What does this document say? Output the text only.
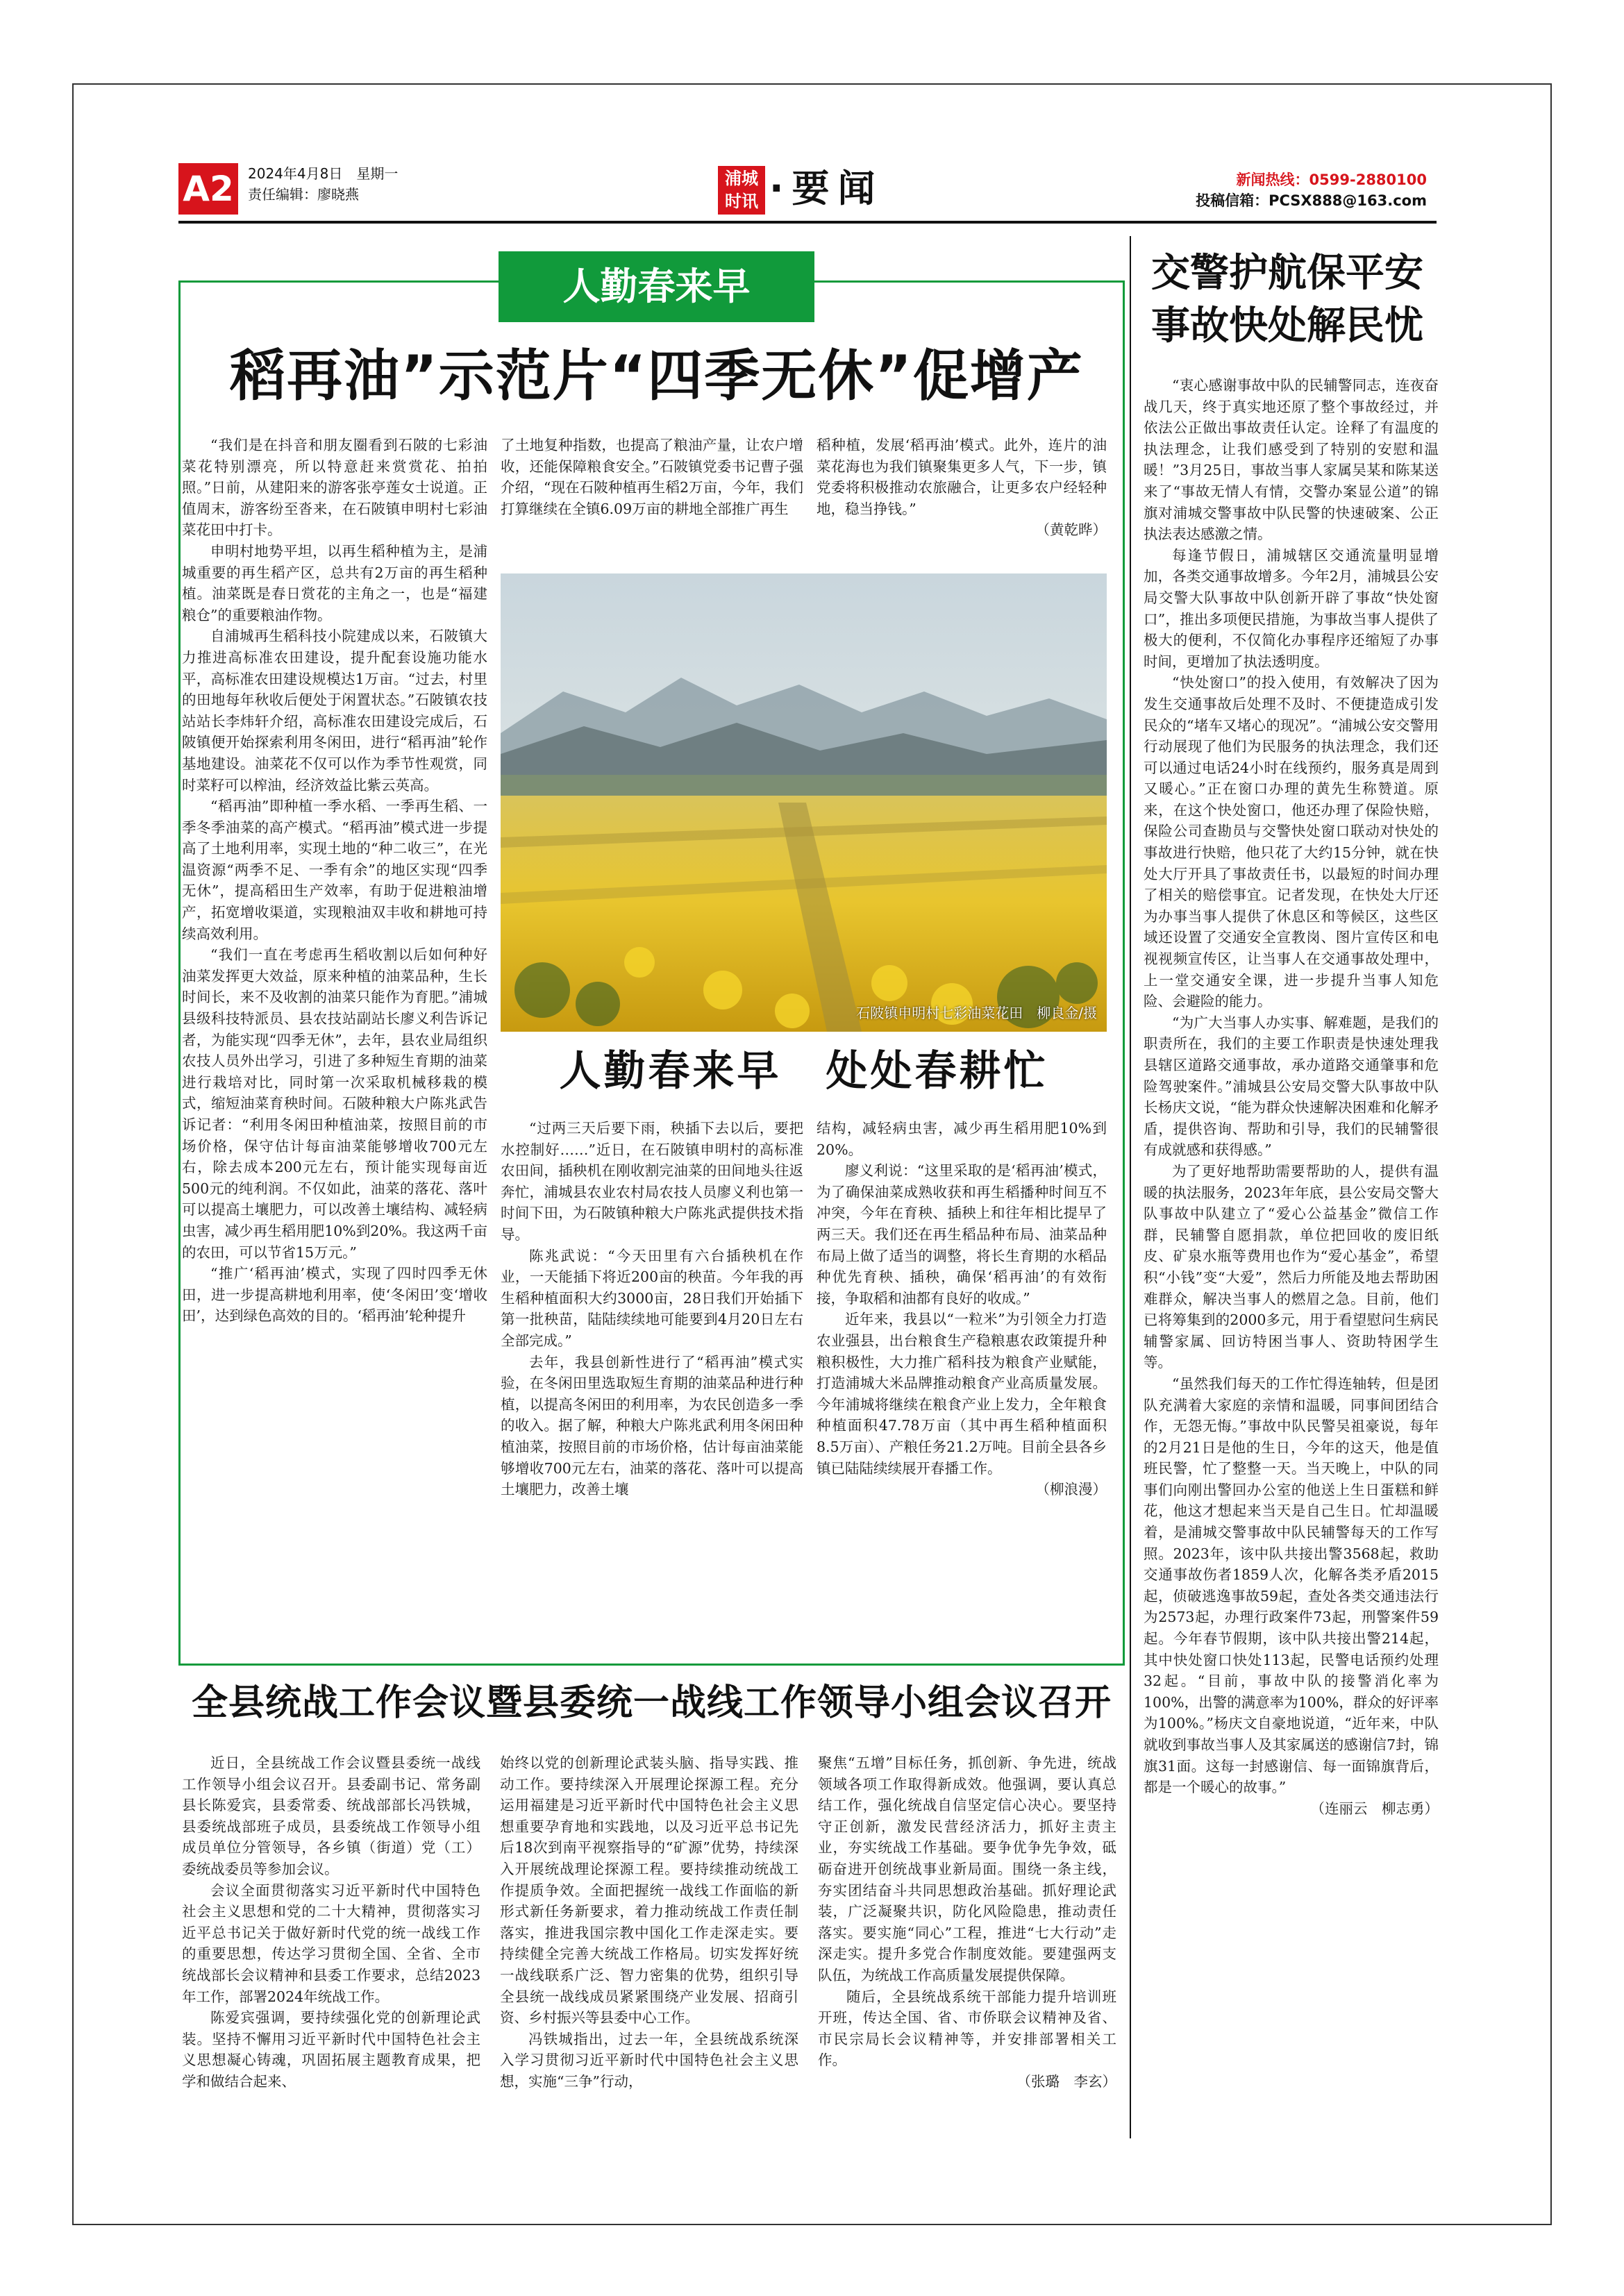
A2	2024年4月8日　星期一
责任编辑：廖晓燕
浦城
时讯 ·要闻	新闻热线：0599-2880100
投稿信箱：PCSX888@163.com
人勤春来早
稻再油”示范片“四季无休”促增产

“我们是在抖音和朋友圈看到石陂的七彩油菜花特别漂亮，所以特意赶来赏赏花、拍拍照。”日前，从建阳来的游客张亭莲女士说道。正值周末，游客纷至沓来，在石陂镇申明村七彩油菜花田中打卡。

申明村地势平坦，以再生稻种植为主，是浦城重要的再生稻产区，总共有2万亩的再生稻种植。油菜既是春日赏花的主角之一，也是“福建粮仓”的重要粮油作物。

自浦城再生稻科技小院建成以来，石陂镇大力推进高标准农田建设，提升配套设施功能水平，高标准农田建设规模达1万亩。“过去，村里的田地每年秋收后便处于闲置状态。”石陂镇农技站站长李炜轩介绍，高标准农田建设完成后，石陂镇便开始探索利用冬闲田，进行“稻再油”轮作基地建设。油菜花不仅可以作为季节性观赏，同时菜籽可以榨油，经济效益比紫云英高。

“稻再油”即种植一季水稻、一季再生稻、一季冬季油菜的高产模式。“稻再油”模式进一步提高了土地利用率，实现土地的“种二收三”，在光温资源“两季不足、一季有余”的地区实现“四季无休”，提高稻田生产效率，有助于促进粮油增产，拓宽增收渠道，实现粮油双丰收和耕地可持续高效利用。

“我们一直在考虑再生稻收割以后如何种好油菜发挥更大效益，原来种植的油菜品种，生长时间长，来不及收割的油菜只能作为育肥。”浦城县级科技特派员、县农技站副站长廖义利告诉记者，为能实现“四季无休”，去年，县农业局组织农技人员外出学习，引进了多种短生育期的油菜进行栽培对比，同时第一次采取机械移栽的模式，缩短油菜育秧时间。石陂种粮大户陈兆武告诉记者：“利用冬闲田种植油菜，按照目前的市场价格，保守估计每亩油菜能够增收700元左右，除去成本200元左右，预计能实现每亩近500元的纯利润。不仅如此，油菜的落花、落叶可以提高土壤肥力，可以改善土壤结构、减轻病虫害，减少再生稻用肥10%到20%。我这两千亩的农田，可以节省15万元。”

“推广‘稻再油’模式，实现了四时四季无休田，进一步提高耕地利用率，使‘冬闲田’变‘增收田’，达到绿色高效的目的。‘稻再油’轮种提升

了土地复种指数，也提高了粮油产量，让农户增收，还能保障粮食安全。”石陂镇党委书记曹子强介绍，“现在石陂种植再生稻2万亩，今年，我们打算继续在全镇6.09万亩的耕地全部推广再生

稻种植，发展‘稻再油’模式。此外，连片的油菜花海也为我们镇聚集更多人气，下一步，镇党委将积极推动农旅融合，让更多农户经轻种地，稳当挣钱。”

（黄乾晔）

石陂镇申明村七彩油菜花田　柳良金/摄
人勤春来早　处处春耕忙

“过两三天后要下雨，秧插下去以后，要把水控制好……”近日，在石陂镇申明村的高标准农田间，插秧机在刚收割完油菜的田间地头往返奔忙，浦城县农业农村局农技人员廖义利也第一时间下田，为石陂镇种粮大户陈兆武提供技术指导。

陈兆武说：“今天田里有六台插秧机在作业，一天能插下将近200亩的秧苗。今年我的再生稻种植面积大约3000亩，28日我们开始插下第一批秧苗，陆陆续续地可能要到4月20日左右全部完成。”

去年，我县创新性进行了“稻再油”模式实验，在冬闲田里选取短生育期的油菜品种进行种植，以提高冬闲田的利用率，为农民创造多一季的收入。据了解，种粮大户陈兆武利用冬闲田种植油菜，按照目前的市场价格，估计每亩油菜能够增收700元左右，油菜的落花、落叶可以提高土壤肥力，改善土壤

结构，减轻病虫害，减少再生稻用肥10%到20%。

廖义利说：“这里采取的是‘稻再油’模式，为了确保油菜成熟收获和再生稻播种时间互不冲突，今年在育秧、插秧上和往年相比提早了两三天。我们还在再生稻品种布局、油菜品种布局上做了适当的调整，将长生育期的水稻品种优先育秧、插秧，确保‘稻再油’的有效衔接，争取稻和油都有良好的收成。”

近年来，我县以“一粒米”为引领全力打造农业强县，出台粮食生产稳粮惠农政策提升种粮积极性，大力推广稻科技为粮食产业赋能，打造浦城大米品牌推动粮食产业高质量发展。今年浦城将继续在粮食产业上发力，全年粮食种植面积47.78万亩（其中再生稻种植面积8.5万亩）、产粮任务21.2万吨。目前全县各乡镇已陆陆续续展开春播工作。

（柳浪漫）

全县统战工作会议暨县委统一战线工作领导小组会议召开

近日，全县统战工作会议暨县委统一战线工作领导小组会议召开。县委副书记、常务副县长陈爱宾，县委常委、统战部部长冯铁城，县委统战部班子成员，县委统战工作领导小组成员单位分管领导，各乡镇（街道）党（工）委统战委员等参加会议。

会议全面贯彻落实习近平新时代中国特色社会主义思想和党的二十大精神，贯彻落实习近平总书记关于做好新时代党的统一战线工作的重要思想，传达学习贯彻全国、全省、全市统战部长会议精神和县委工作要求，总结2023年工作，部署2024年统战工作。

陈爱宾强调，要持续强化党的创新理论武装。坚持不懈用习近平新时代中国特色社会主义思想凝心铸魂，巩固拓展主题教育成果，把学和做结合起来、

始终以党的创新理论武装头脑、指导实践、推动工作。要持续深入开展理论探源工程。充分运用福建是习近平新时代中国特色社会主义思想重要孕育地和实践地，以及习近平总书记先后18次到南平视察指导的“矿源”优势，持续深入开展统战理论探源工程。要持续推动统战工作提质争效。全面把握统一战线工作面临的新形式新任务新要求，着力推动统战工作责任制落实，推进我国宗教中国化工作走深走实。要持续健全完善大统战工作格局。切实发挥好统一战线联系广泛、智力密集的优势，组织引导全县统一战线成员紧紧围绕产业发展、招商引资、乡村振兴等县委中心工作。

冯铁城指出，过去一年，全县统战系统深入学习贯彻习近平新时代中国特色社会主义思想，实施“三争”行动，

聚焦“五增”目标任务，抓创新、争先进，统战领域各项工作取得新成效。他强调，要认真总结工作，强化统战自信坚定信心决心。要坚持守正创新，激发民营经济活力，抓好主责主业，夯实统战工作基础。要争优争先争效，砥砺奋进开创统战事业新局面。围绕一条主线，夯实团结奋斗共同思想政治基础。抓好理论武装，广泛凝聚共识，防化风险隐患，推动责任落实。要实施“同心”工程，推进“七大行动”走深走实。提升多党合作制度效能。要建强两支队伍，为统战工作高质量发展提供保障。

随后，全县统战系统干部能力提升培训班开班，传达全国、省、市侨联会议精神及省、市民宗局长会议精神等，并安排部署相关工作。

（张璐　李玄）

交警护航保平安
事故快处解民忧

“衷心感谢事故中队的民辅警同志，连夜奋战几天，终于真实地还原了整个事故经过，并依法公正做出事故责任认定。诠释了有温度的执法理念，让我们感受到了特别的安慰和温暖！”3月25日，事故当事人家属吴某和陈某送来了“事故无情人有情，交警办案显公道”的锦旗对浦城交警事故中队民警的快速破案、公正执法表达感激之情。

每逢节假日，浦城辖区交通流量明显增加，各类交通事故增多。今年2月，浦城县公安局交警大队事故中队创新开辟了事故“快处窗口”，推出多项便民措施，为事故当事人提供了极大的便利，不仅简化办事程序还缩短了办事时间，更增加了执法透明度。

“快处窗口”的投入使用，有效解决了因为发生交通事故后处理不及时、不便捷造成引发民众的“堵车又堵心的现况”。“浦城公安交警用行动展现了他们为民服务的执法理念，我们还可以通过电话24小时在线预约，服务真是周到又暖心。”正在窗口办理的黄先生称赞道。原来，在这个快处窗口，他还办理了保险快赔，保险公司查勘员与交警快处窗口联动对快处的事故进行快赔，他只花了大约15分钟，就在快处大厅开具了事故责任书，以最短的时间办理了相关的赔偿事宜。记者发现，在快处大厅还为办事当事人提供了休息区和等候区，这些区域还设置了交通安全宣教岗、图片宣传区和电视视频宣传区，让当事人在交通事故处理中，上一堂交通安全课，进一步提升当事人知危险、会避险的能力。

“为广大当事人办实事、解难题，是我们的职责所在，我们的主要工作职责是快速处理我县辖区道路交通事故，承办道路交通肇事和危险驾驶案件。”浦城县公安局交警大队事故中队长杨庆文说，“能为群众快速解决困难和化解矛盾，提供咨询、帮助和引导，我们的民辅警很有成就感和获得感。”

为了更好地帮助需要帮助的人，提供有温暖的执法服务，2023年年底，县公安局交警大队事故中队建立了“爱心公益基金”微信工作群，民辅警自愿捐款，单位把回收的废旧纸皮、矿泉水瓶等费用也作为“爱心基金”，希望积“小钱”变“大爱”，然后力所能及地去帮助困难群众，解决当事人的燃眉之急。目前，他们已将筹集到的2000多元，用于看望慰问生病民辅警家属、回访特困当事人、资助特困学生等。

“虽然我们每天的工作忙得连轴转，但是团队充满着大家庭的亲情和温暖，同事间团结合作，无怨无悔。”事故中队民警吴祖豪说，每年的2月21日是他的生日，今年的这天，他是值班民警，忙了整整一天。当天晚上，中队的同事们向刚出警回办公室的他送上生日蛋糕和鲜花，他这才想起来当天是自己生日。忙却温暖着，是浦城交警事故中队民辅警每天的工作写照。2023年，该中队共接出警3568起，救助交通事故伤者1859人次，化解各类矛盾2015起，侦破逃逸事故59起，查处各类交通违法行为2573起，办理行政案件73起，刑警案件59起。今年春节假期，该中队共接出警214起，其中快处窗口快处113起，民警电话预约处理32起。“目前，事故中队的接警消化率为100%，出警的满意率为100%，群众的好评率为100%。”杨庆文自豪地说道，“近年来，中队就收到事故当事人及其家属送的感谢信7封，锦旗31面。这每一封感谢信、每一面锦旗背后，都是一个暖心的故事。”

（连丽云　柳志勇）
